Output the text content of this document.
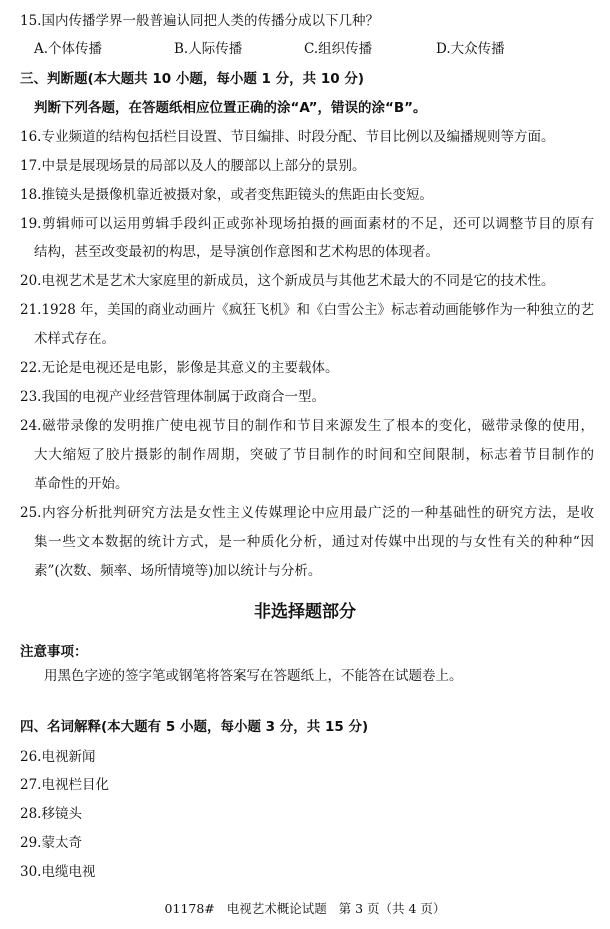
15.国内传播学界一般普遍认同把人类的传播分成以下几种？
A.个体传播	B.人际传播	C.组织传播	D.大众传播
三、判断题(本大题共 10 小题，每小题 1 分，共 10 分)
判断下列各题，在答题纸相应位置正确的涂“A”，错误的涂“B”。
16.专业频道的结构包括栏目设置、节目编排、时段分配、节目比例以及编播规则等方面。
17.中景是展现场景的局部以及人的腰部以上部分的景别。
18.推镜头是摄像机靠近被摄对象，或者变焦距镜头的焦距由长变短。
19.剪辑师可以运用剪辑手段纠正或弥补现场拍摄的画面素材的不足，还可以调整节目的原有
结构，甚至改变最初的构思，是导演创作意图和艺术构思的体现者。
20.电视艺术是艺术大家庭里的新成员，这个新成员与其他艺术最大的不同是它的技术性。
21.1928 年，美国的商业动画片《疯狂飞机》和《白雪公主》标志着动画能够作为一种独立的艺
术样式存在。
22.无论是电视还是电影，影像是其意义的主要载体。
23.我国的电视产业经营管理体制属于政商合一型。
24.磁带录像的发明推广使电视节目的制作和节目来源发生了根本的变化，磁带录像的使用，
大大缩短了胶片摄影的制作周期，突破了节目制作的时间和空间限制，标志着节目制作的
革命性的开始。
25.内容分析批判研究方法是女性主义传媒理论中应用最广泛的一种基础性的研究方法，是收
集一些文本数据的统计方式，是一种质化分析，通过对传媒中出现的与女性有关的种种“因
素”(次数、频率、场所情境等)加以统计与分析。
非选择题部分
注意事项：
用黑色字迹的签字笔或钢笔将答案写在答题纸上，不能答在试题卷上。
四、名词解释(本大题有 5 小题，每小题 3 分，共 15 分)
26.电视新闻
27.电视栏目化
28.移镜头
29.蒙太奇
30.电缆电视
01178#   电视艺术概论试题   第 3 页（共 4 页）
